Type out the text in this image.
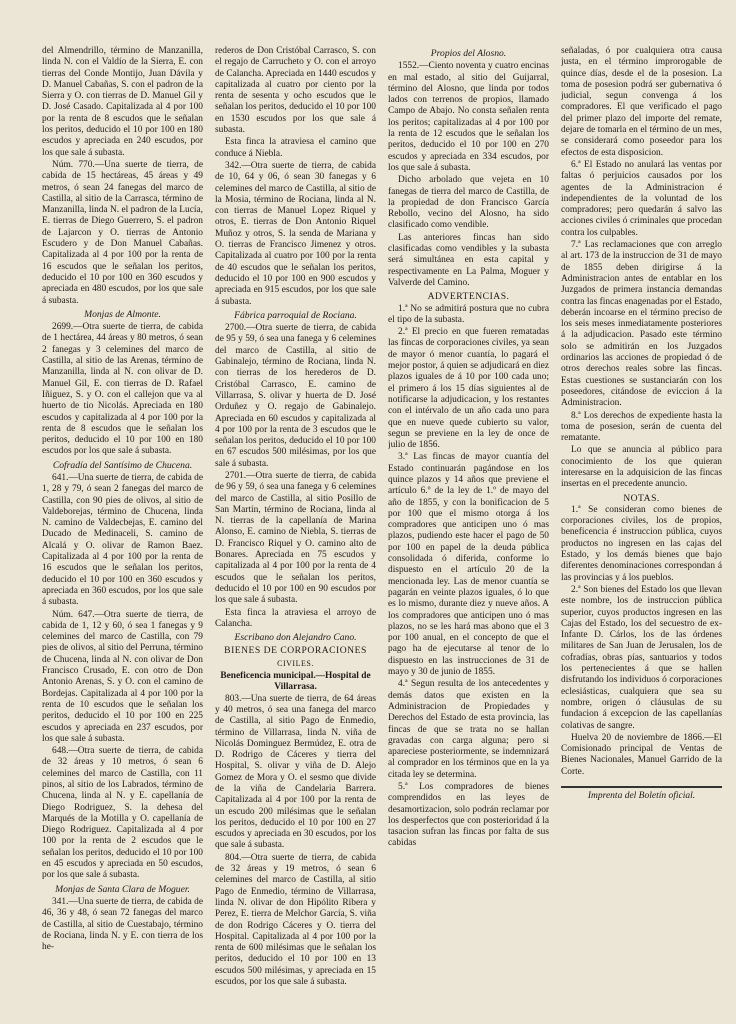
del Almendrillo, término de Manzanilla, linda N. con el Valdío de la Sierra, E. con tierras del Conde Montijo, Juan Dávila y D. Manuel Cabañas, S. con el padron de la Sierra y O. con tierras de D. Manuel Gil y D. José Casado. Capitalizada al 4 por 100 por la renta de 8 escudos que le señalan los peritos, deducido el 10 por 100 en 180 escudos y apreciada en 240 escudos, por los que sale á subasta.

Núm. 770.—Una suerte de tierra, de cabida de 15 hectáreas, 45 áreas y 49 metros, ó sean 24 fanegas del marco de Castilla, al sitio de la Carrasca, término de Manzanilla, linda N. el padron de la Lucía, E. tierras de Diego Guerrero, S. el padron de Lajarcon y O. tierras de Antonio Escudero y de Don Manuel Cabañas. Capitalizada al 4 por 100 por la renta de 16 escudos que le señalan los peritos, deducido el 10 por 100 en 360 escudos y apreciada en 480 escudos, por los que sale á subasta.

Monjas de Almonte.

2699.—Otra suerte de tierra, de cabida de 1 hectárea, 44 áreas y 80 metros, ó sean 2 fanegas y 3 celemines del marco de Castilla, al sitio de las Arenas, término de Manzanilla, linda al N. con olivar de D. Manuel Gil, E. con tierras de D. Rafael Iñiguez, S. y O. con el callejon que va al huerto de tio Nicolás. Apreciada en 180 escudos y capitalizada al 4 por 100 por la renta de 8 escudos que le señalan los peritos, deducido el 10 por 100 en 180 escudos por los que sale á subasta.

Cofradía del Santísimo de Chucena.

641.—Una suerte de tierra, de cabida de 1, 28 y 79, ó sean 2 fanegas del marco de Castilla, con 90 pies de olivos, al sitio de Valdeborejas, término de Chucena, linda N. camino de Valdecbejas, E. camino del Ducado de Medinaceli, S. camino de Alcalá y O. olivar de Ramon Baez. Capitalizada al 4 por 100 por la renta de 16 escudos que le señalan los peritos, deducido el 10 por 100 en 360 escudos y apreciada en 360 escudos, por los que sale á subasta.

Núm. 647.—Otra suerte de tierra, de cabida de 1, 12 y 60, ó sea 1 fanegas y 9 celemines del marco de Castilla, con 79 pies de olivos, al sitio del Perruna, término de Chucena, linda al N. con olivar de Don Francisco Crusado, E. con otro de Don Antonio Arenas, S. y O. con el camino de Bordejas. Capitalizada al 4 por 100 por la renta de 10 escudos que le señalan los peritos, deducido el 10 por 100 en 225 escudos y apreciada en 237 escudos, por los que sale á subasta.

648.—Otra suerte de tierra, de cabida de 32 áreas y 10 metros, ó sean 6 celemines del marco de Castilla, con 11 pinos, al sitio de los Labrados, término de Chucena, linda al N. y E. capellanía de Diego Rodriguez, S. la dehesa del Marqués de la Motilla y O. capellanía de Diego Rodriguez. Capitalizada al 4 por 100 por la renta de 2 escudos que le señalan los peritos, deducido el 10 por 100 en 45 escudos y apreciada en 50 escudos, por los que sale á subasta.

Monjas de Santa Clara de Moguer.

341.—Una suerte de tierra, de cabida de 46, 36 y 48, ó sean 72 fanegas del marco de Castilla, al sitio de Cuestabajo, término de Rociana, linda N. y E. con tierra de los he-

rederos de Don Cristóbal Carrasco, S. con el regajo de Carrucheto y O. con el arroyo de Calancha. Apreciada en 1440 escudos y capitalizada al cuatro por ciento por la renta de sesenta y ocho escudos que le señalan los peritos, deducido el 10 por 100 en 1530 escudos por los que sale á subasta.

Esta finca la atraviesa el camino que conduce á Niebla.

342.—Otra suerte de tierra, de cabida de 10, 64 y 06, ó sean 30 fanegas y 6 celemines del marco de Castilla, al sitio de la Mosia, término de Rociana, linda al N. con tierras de Manuel Lopez Riquel y otros, E. tierras de Don Antonio Riquel Muñoz y otros, S. la senda de Mariana y O. tierras de Francisco Jimenez y otros. Capitalizada al cuatro por 100 por la renta de 40 escudos que le señalan los peritos, deducido el 10 por 100 en 900 escudos y apreciada en 915 escudos, por los que sale á subasta.

Fábrica parroquial de Rociana.

2700.—Otra suerte de tierra, de cabida de 95 y 59, ó sea una fanega y 6 celemines del marco de Castilla, al sitio de Gabinalejo, término de Rociana, linda N. con tierras de los herederos de D. Cristóbal Carrasco, E. camino de Villarrasa, S. olivar y huerta de D. José Orduñez y O. regajo de Gabinalejo. Apreciada en 60 escudos y capitalizada al 4 por 100 por la renta de 3 escudos que le señalan los peritos, deducido el 10 por 100 en 67 escudos 500 milésimas, por los que sale á subasta.

2701.—Otra suerte de tierra, de cabida de 96 y 59, ó sea una fanega y 6 celemines del marco de Castilla, al sitio Posillo de San Martín, término de Rociana, linda al N. tierras de la capellanía de Marina Alonso, E. camino de Niebla, S. tierras de D. Francisco Riquel y O. camino alto de Bonares. Apreciada en 75 escudos y capitalizada al 4 por 100 por la renta de 4 escudos que le señalan los peritos, deducido el 10 por 100 en 90 escudos por los que sale á subasta.

Esta finca la atraviesa el arroyo de Calancha.

Escribano don Alejandro Cano.
BIENES DE CORPORACIONES
CIVILES.
Beneficencia municipal.—Hospital de Villarrasa.

803.—Una suerte de tierra, de 64 áreas y 40 metros, ó sea una fanega del marco de Castilla, al sitio Pago de Enmedio, término de Villarrasa, linda N. viña de Nicolás Dominguez Bermúdez, E. otra de D. Rodrigo de Cáceres y tierra del Hospital, S. olivar y viña de D. Alejo Gomez de Mora y O. el sesmo que divide de la viña de Candelaria Barrera. Capitalizada al 4 por 100 por la renta de un escudo 200 milésimas que le señalan los peritos, deducido el 10 por 100 en 27 escudos y apreciada en 30 escudos, por los que sale á subasta.

804.—Otra suerte de tierra, de cabida de 32 áreas y 19 metros, ó sean 6 celemines del marco de Castilla, al sitio Pago de Enmedio, término de Villarrasa, linda N. olivar de don Hipólito Ribera y Perez, E. tierra de Melchor García, S. viña de don Rodrigo Cáceres y O. tierra del Hospital. Capitalizada al 4 por 100 por la renta de 600 milésimas que le señalan los peritos, deducido el 10 por 100 en 13 escudos 500 milésimas, y apreciada en 15 escudos, por los que sale á subasta.

Propios del Alosno.

1552.—Ciento noventa y cuatro encinas en mal estado, al sitio del Guijarral, término del Alosno, que linda por todos lados con terrenos de propios, llamado Campo de Abajo. No consta señalen renta los peritos; capitalizadas al 4 por 100 por la renta de 12 escudos que le señalan los peritos, deducido el 10 por 100 en 270 escudos y apreciada en 334 escudos, por los que sale á subasta.

Dicho arbolado que vejeta en 10 fanegas de tierra del marco de Castilla, de la propiedad de don Francisco García Rebollo, vecino del Alosno, ha sido clasificado como vendible.

Las anteriores fincas han sido clasificadas como vendibles y la subasta será simultánea en esta capital y respectivamente en La Palma, Moguer y Valverde del Camino.

ADVERTENCIAS.

1.ª No se admitirá postura que no cubra el tipo de la subasta.

2.ª El precio en que fueren rematadas las fincas de corporaciones civiles, ya sean de mayor ó menor cuantía, lo pagará el mejor postor, á quien se adjudicará en diez plazos iguales de á 10 por 100 cada uno; el primero á los 15 días siguientes al de notificarse la adjudicacion, y los restantes con el intérvalo de un año cada uno para que en nueve quede cubierto su valor, segun se previene en la ley de once de julio de 1856.

3.ª Las fincas de mayor cuantía del Estado continuarán pagándose en los quince plazos y 14 años que previene el artículo 6.º de la ley de 1.º de mayo del año de 1855, y con la bonificacion de 5 por 100 que el mismo otorga á los compradores que anticipen uno ó mas plazos, pudiendo este hacer el pago de 50 por 100 en papel de la deuda pública consolidada ó diferida, conforme lo dispuesto en el artículo 20 de la mencionada ley. Las de menor cuantía se pagarán en veinte plazos iguales, ó lo que es lo mismo, durante diez y nueve años. A los compradores que anticipen uno ó mas plazos, no se les hará mas abono que el 3 por 100 anual, en el concepto de que el pago ha de ejecutarse al tenor de lo dispuesto en las instrucciones de 31 de mayo y 30 de junio de 1855.

4.ª Segun resulta de los antecedentes y demás datos que existen en la Administracion de Propiedades y Derechos del Estado de esta provincia, las fincas de que se trata no se hallan gravadas con carga alguna; pero si apareciese posteriormente, se indemnizará al comprador en los términos que en la ya citada ley se determina.

5.ª Los compradores de bienes comprendidos en las leyes de desamortizacion, solo podrán reclamar por los desperfectos que con posterioridad á la tasacion sufran las fincas por falta de sus cabidas

señaladas, ó por cualquiera otra causa justa, en el término improrogable de quince días, desde el de la posesion. La toma de posesion podrá ser gubernativa ó judicial, segun convenga á los compradores. El que verificado el pago del primer plazo del importe del remate, dejare de tomarla en el término de un mes, se considerará como poseedor para los efectos de esta disposicion.

6.ª El Estado no anulará las ventas por faltas ó perjuicios causados por los agentes de la Administracion é independientes de la voluntad de los compradores; pero quedarán á salvo las acciones civiles ó criminales que procedan contra los culpables.

7.ª Las reclamaciones que con arreglo al art. 173 de la instruccion de 31 de mayo de 1855 deben dirigirse á la Administracion antes de entablar en los Juzgados de primera instancia demandas contra las fincas enagenadas por el Estado, deberán incoarse en el término preciso de los seis meses inmediatamente posteriores á la adjudicacion. Pasado este término solo se admitirán en los Juzgados ordinarios las acciones de propiedad ó de otros derechos reales sobre las fincas. Estas cuestiones se sustanciarán con los poseedores, citándose de eviccion á la Administracion.

8.ª Los derechos de expediente hasta la toma de posesion, serán de cuenta del rematante.

Lo que se anuncia al público para conocimiento de los que quieran interesarse en la adquisicion de las fincas insertas en el precedente anuncio.

NOTAS.

1.ª Se consideran como bienes de corporaciones civiles, los de propios, beneficencia é instruccion pública, cuyos productos no ingresen en las cajas del Estado, y los demás bienes que bajo diferentes denominaciones correspondan á las provincias y á los pueblos.

2.ª Son bienes del Estado los que llevan este nombre, los de instruccion pública superior, cuyos productos ingresen en las Cajas del Estado, los del secuestro de ex-Infante D. Cárlos, los de las órdenes militares de San Juan de Jerusalen, los de cofradías, obras pías, santuarios y todos los pertenecientes á que se hallen disfrutando los individuos ó corporaciones eclesiásticas, cualquiera que sea su nombre, origen ó cláusulas de su fundacion á excepcion de las capellanías colativas de sangre.

Huelva 20 de noviembre de 1866.—El Comisionado principal de Ventas de Bienes Nacionales, Manuel Garrido de la Corte.

Imprenta del Boletín oficial.
